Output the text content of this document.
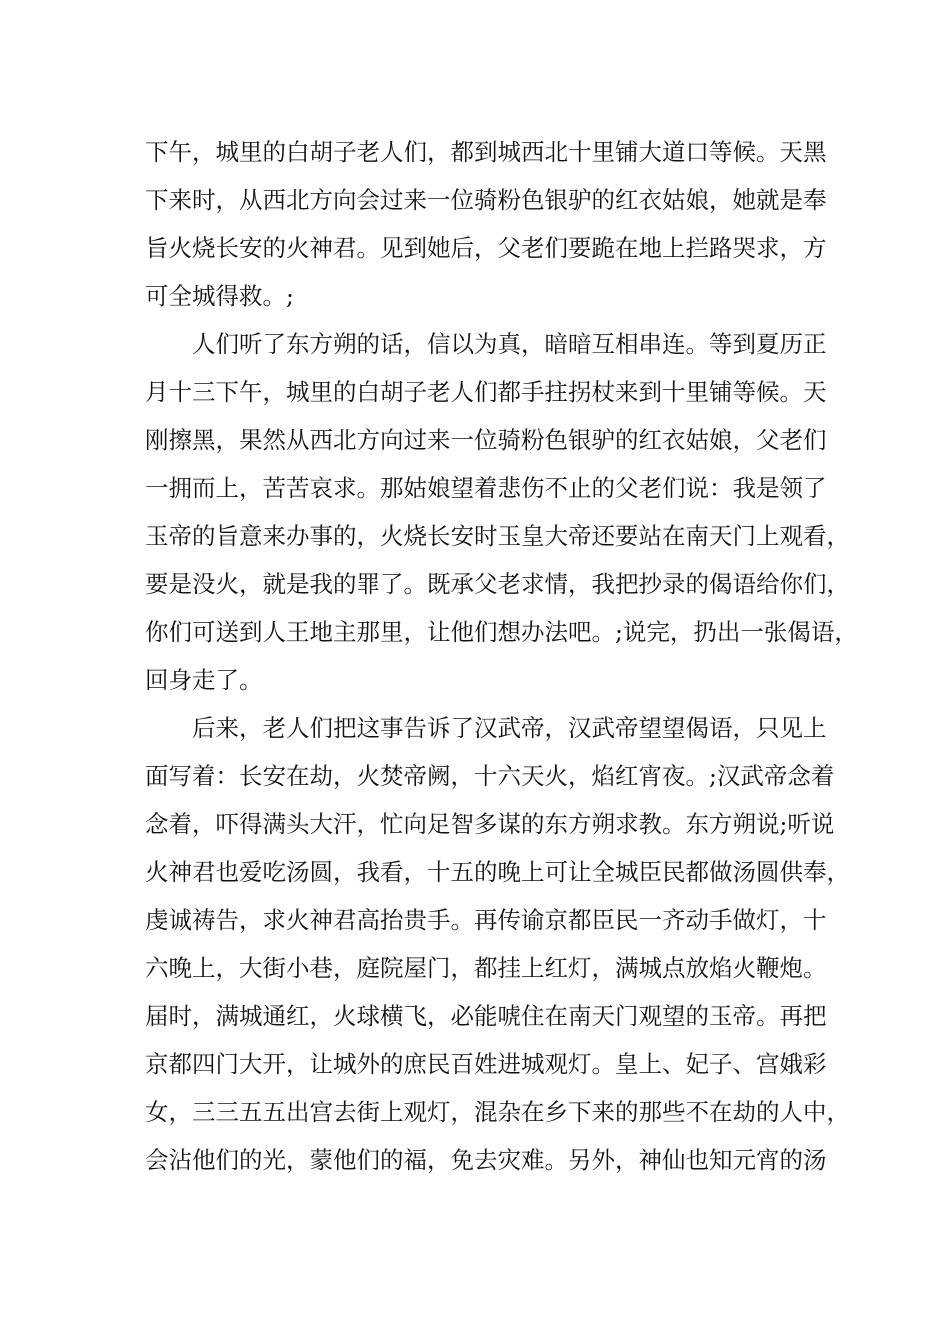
下午，城里的白胡子老人们，都到城西北十里铺大道口等候。天黑
下来时，从西北方向会过来一位骑粉色银驴的红衣姑娘，她就是奉
旨火烧长安的火神君。见到她后，父老们要跪在地上拦路哭求，方
可全城得救。;
人们听了东方朔的话，信以为真，暗暗互相串连。等到夏历正
月十三下午，城里的白胡子老人们都手拄拐杖来到十里铺等候。天
刚擦黑，果然从西北方向过来一位骑粉色银驴的红衣姑娘，父老们
一拥而上，苦苦哀求。那姑娘望着悲伤不止的父老们说：我是领了
玉帝的旨意来办事的，火烧长安时玉皇大帝还要站在南天门上观看，
要是没火，就是我的罪了。既承父老求情，我把抄录的偈语给你们，
你们可送到人王地主那里，让他们想办法吧。;说完，扔出一张偈语，
回身走了。
后来，老人们把这事告诉了汉武帝，汉武帝望望偈语，只见上
面写着：长安在劫，火焚帝阙，十六天火，焰红宵夜。;汉武帝念着
念着，吓得满头大汗，忙向足智多谋的东方朔求教。东方朔说;听说
火神君也爱吃汤圆，我看，十五的晚上可让全城臣民都做汤圆供奉，
虔诚祷告，求火神君高抬贵手。再传谕京都臣民一齐动手做灯，十
六晚上，大街小巷，庭院屋门，都挂上红灯，满城点放焰火鞭炮。
届时，满城通红，火球横飞，必能唬住在南天门观望的玉帝。再把
京都四门大开，让城外的庶民百姓进城观灯。皇上、妃子、宫娥彩
女，三三五五出宫去街上观灯，混杂在乡下来的那些不在劫的人中，
会沾他们的光，蒙他们的福，免去灾难。另外，神仙也知元宵的汤
